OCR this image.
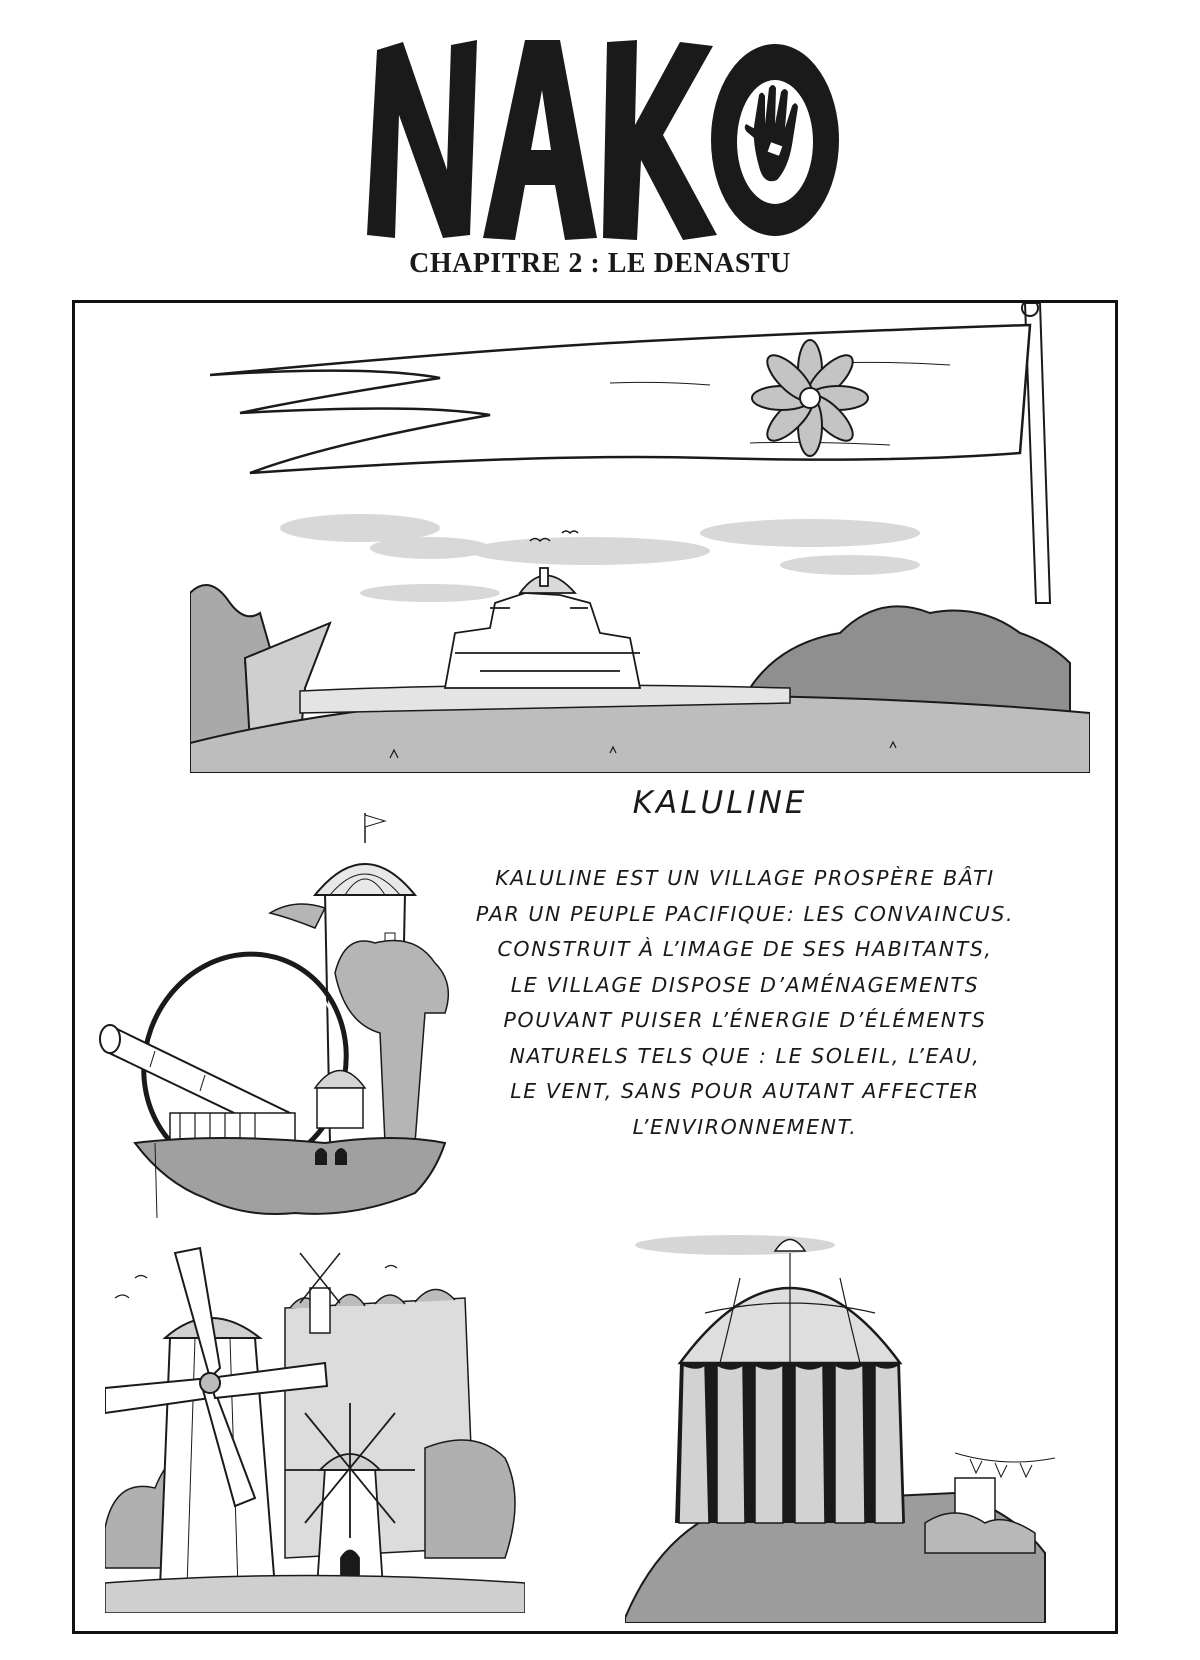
CHAPITRE 2 : LE DENASTU
KALULINE
KALULINE EST UN VILLAGE PROSPÈRE BÂTI
PAR UN PEUPLE PACIFIQUE: LES CONVAINCUS.
CONSTRUIT À L’IMAGE DE SES HABITANTS,
LE VILLAGE DISPOSE D’AMÉNAGEMENTS
POUVANT PUISER L’ÉNERGIE D’ÉLÉMENTS
NATURELS TELS QUE : LE SOLEIL, L’EAU,
LE VENT, SANS POUR AUTANT AFFECTER
L’ENVIRONNEMENT.
